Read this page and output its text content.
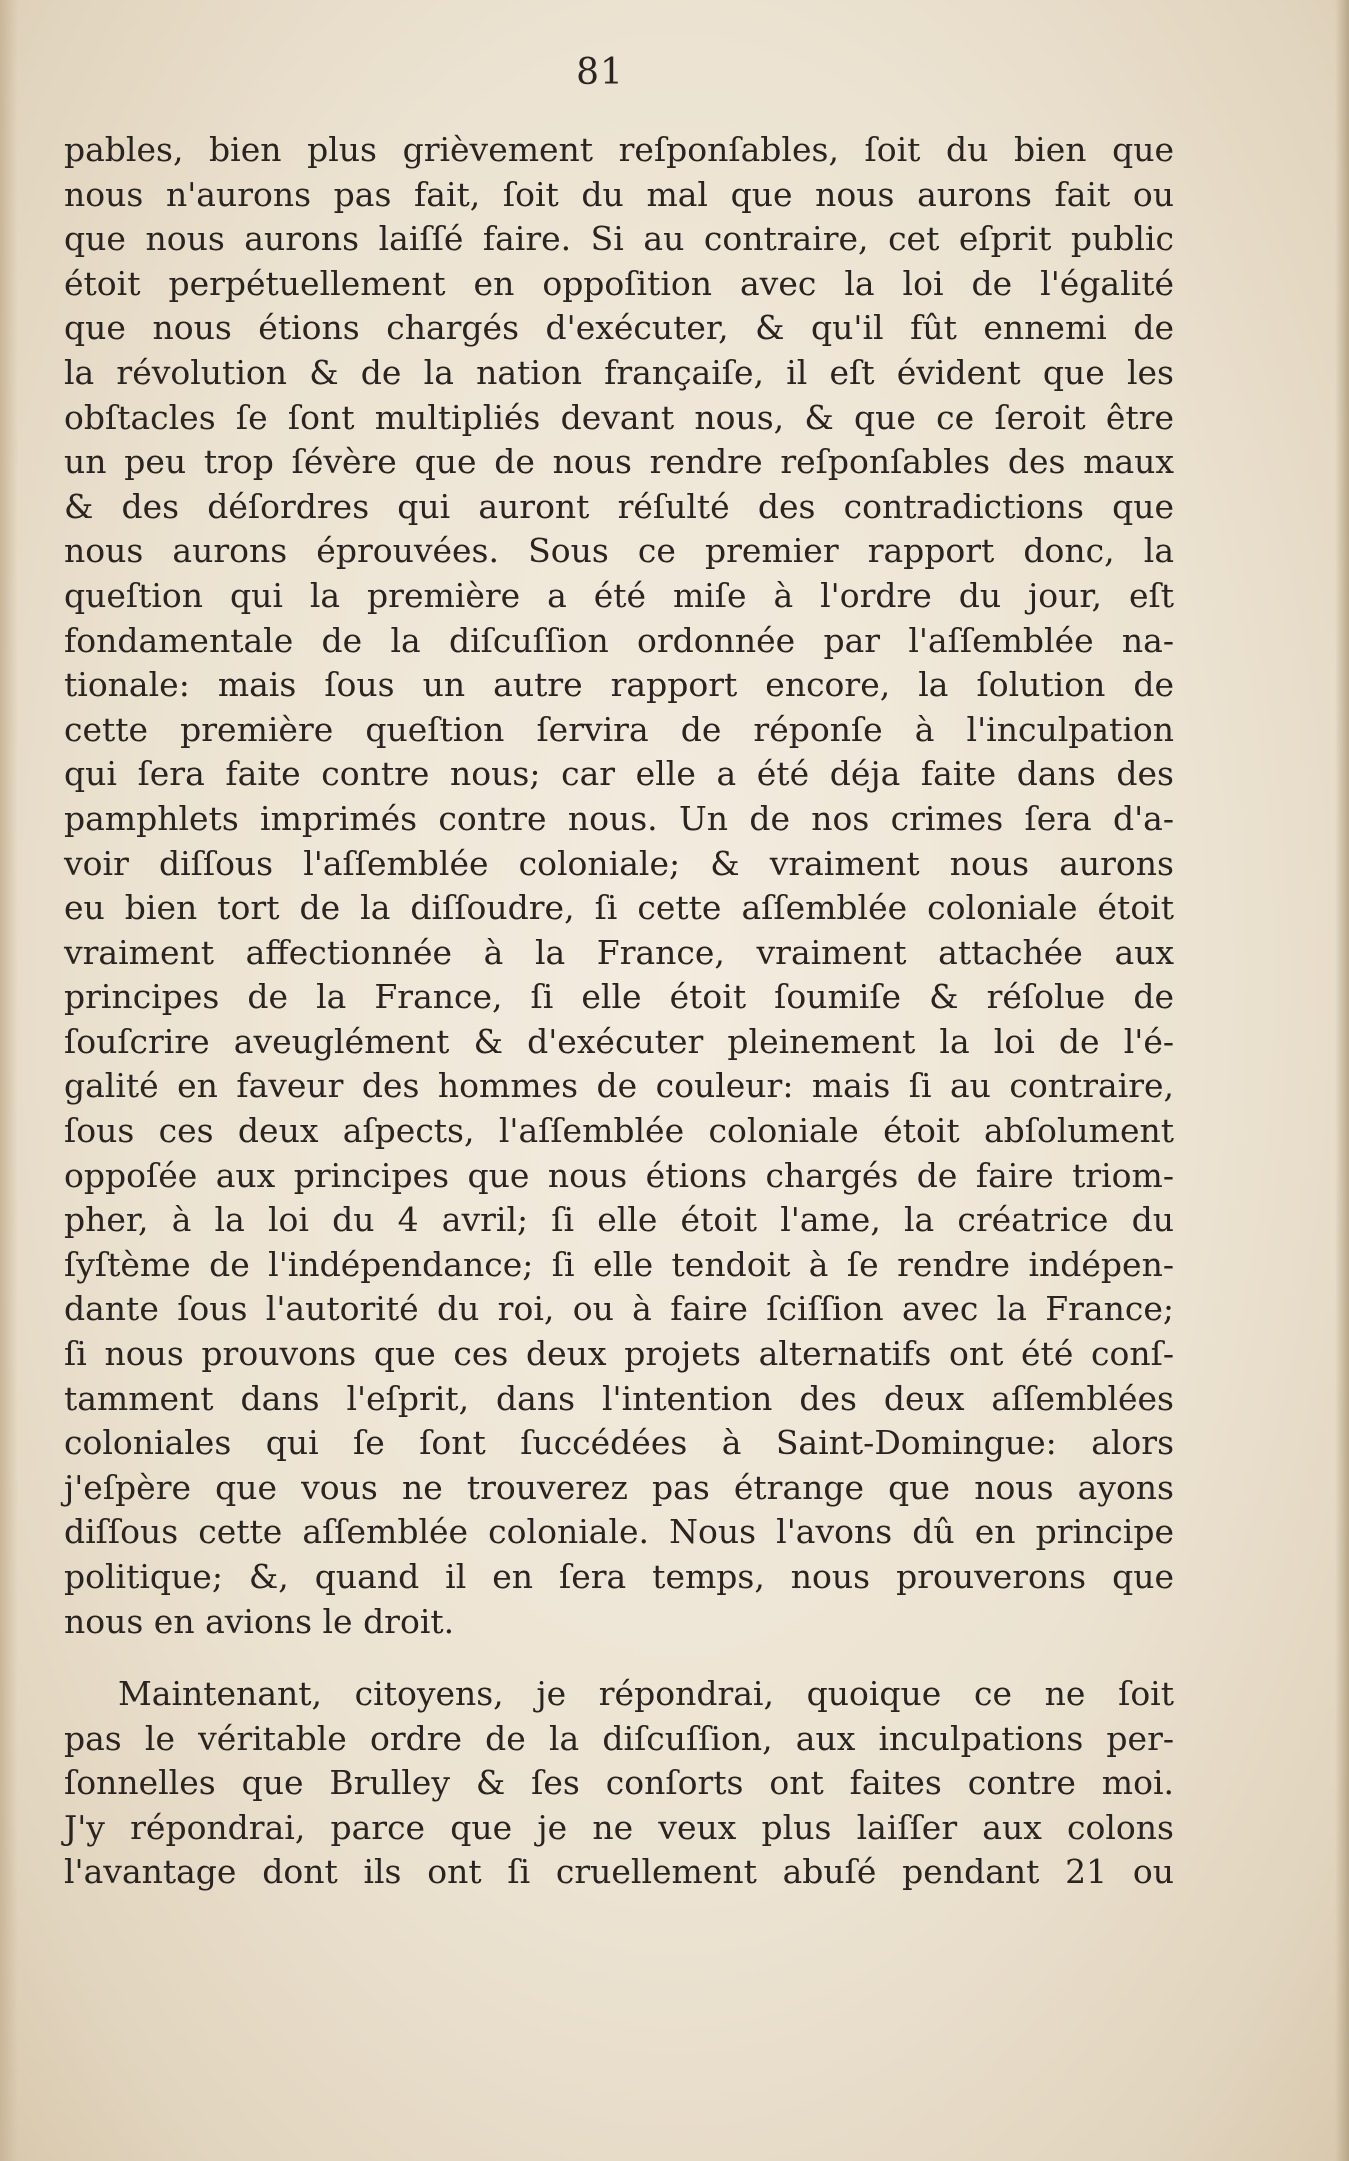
81
pables, bien plus grièvement reſponſables, ſoit du bien que
nous n'aurons pas fait, ſoit du mal que nous aurons fait ou
que nous aurons laiſſé faire. Si au contraire, cet eſprit public
étoit perpétuellement en oppoſition avec la loi de l'égalité
que nous étions chargés d'exécuter, & qu'il fût ennemi de
la révolution & de la nation françaiſe, il eſt évident que les
obſtacles ſe ſont multipliés devant nous, & que ce ſeroit être
un peu trop ſévère que de nous rendre reſponſables des maux
& des déſordres qui auront réſulté des contradictions que
nous aurons éprouvées. Sous ce premier rapport donc, la
queſtion qui la première a été miſe à l'ordre du jour, eſt
fondamentale de la diſcuſſion ordonnée par l'aſſemblée na-
tionale: mais ſous un autre rapport encore, la ſolution de
cette première queſtion ſervira de réponſe à l'inculpation
qui ſera faite contre nous; car elle a été déja faite dans des
pamphlets imprimés contre nous. Un de nos crimes ſera d'a-
voir diſſous l'aſſemblée coloniale; & vraiment nous aurons
eu bien tort de la diſſoudre, ſi cette aſſemblée coloniale étoit
vraiment affectionnée à la France, vraiment attachée aux
principes de la France, ſi elle étoit ſoumiſe & réſolue de
ſouſcrire aveuglément & d'exécuter pleinement la loi de l'é-
galité en faveur des hommes de couleur: mais ſi au contraire,
ſous ces deux aſpects, l'aſſemblée coloniale étoit abſolument
oppoſée aux principes que nous étions chargés de faire triom-
pher, à la loi du 4 avril; ſi elle étoit l'ame, la créatrice du
ſyſtème de l'indépendance; ſi elle tendoit à ſe rendre indépen-
dante ſous l'autorité du roi, ou à faire ſciſſion avec la France;
ſi nous prouvons que ces deux projets alternatifs ont été conſ-
tamment dans l'eſprit, dans l'intention des deux aſſemblées
coloniales qui ſe ſont ſuccédées à Saint-Domingue: alors
j'eſpère que vous ne trouverez pas étrange que nous ayons
diſſous cette aſſemblée coloniale. Nous l'avons dû en principe
politique; &, quand il en ſera temps, nous prouverons que
nous en avions le droit.
Maintenant, citoyens, je répondrai, quoique ce ne ſoit
pas le véritable ordre de la diſcuſſion, aux inculpations per-
ſonnelles que Brulley & ſes conſorts ont faites contre moi.
J'y répondrai, parce que je ne veux plus laiſſer aux colons
l'avantage dont ils ont ſi cruellement abuſé pendant 21 ou
